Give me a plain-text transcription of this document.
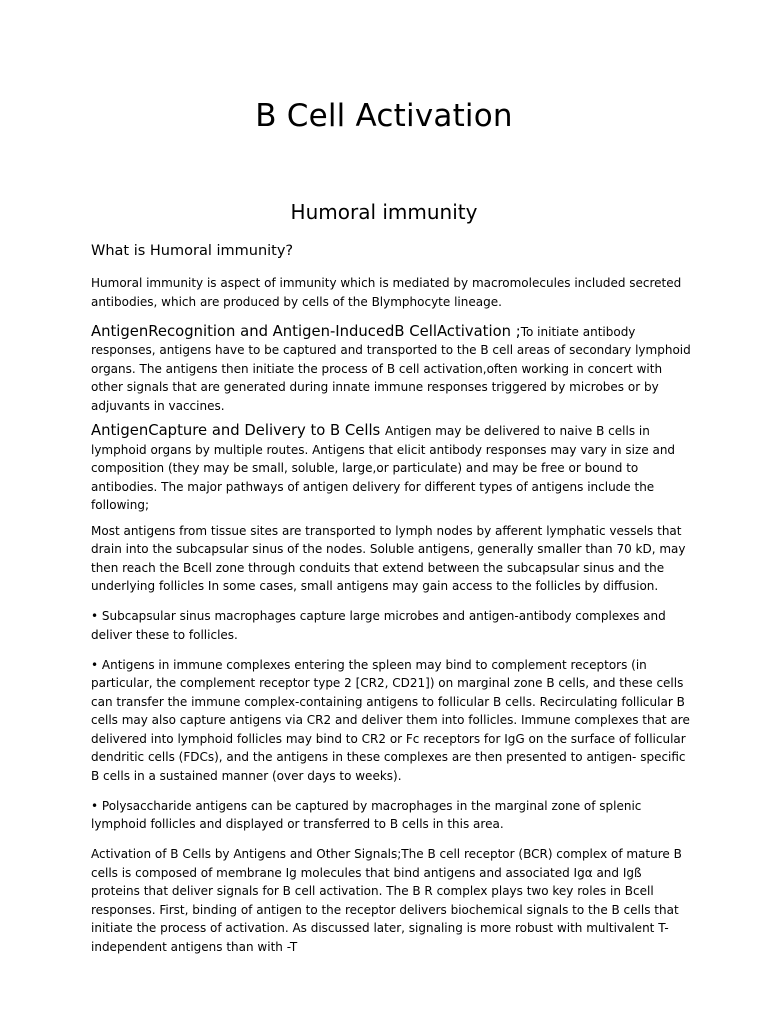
B Cell Activation
Humoral immunity
What is Humoral immunity?

Humoral immunity is aspect of immunity which is mediated by macromolecules included secreted antibodies, which are produced by cells of the Blymphocyte lineage.

AntigenRecognition and Antigen-InducedB CellActivation ;To initiate antibody responses, antigens have to be captured and transported to the B cell areas of secondary lymphoid organs. The antigens then initiate the process of B cell activation,often working in concert with other signals that are generated during innate immune responses triggered by microbes or by adjuvants in vaccines.

AntigenCapture and Delivery to B Cells Antigen may be delivered to naive B cells in lymphoid organs by multiple routes. Antigens that elicit antibody responses may vary in size and composition (they may be small, soluble, large,or particulate) and may be free or bound to antibodies. The major pathways of antigen delivery for different types of antigens include the following;

Most antigens from tissue sites are transported to lymph nodes by afferent lymphatic vessels that drain into the subcapsular sinus of the nodes. Soluble antigens, generally smaller than 70 kD, may then reach the Bcell zone through conduits that extend between the subcapsular sinus and the underlying follicles In some cases, small antigens may gain access to the follicles by diffusion.

• Subcapsular sinus macrophages capture large microbes and antigen-antibody complexes and deliver these to follicles.

• Antigens in immune complexes entering the spleen may bind to complement receptors (in particular, the complement receptor type 2 [CR2, CD21]) on marginal zone B cells, and these cells can transfer the immune complex-containing antigens to follicular B cells. Recirculating follicular B cells may also capture antigens via CR2 and deliver them into follicles. Immune complexes that are delivered into lymphoid follicles may bind to CR2 or Fc receptors for IgG on the surface of follicular dendritic cells (FDCs), and the antigens in these complexes are then presented to antigen- specific B cells in a sustained manner (over days to weeks).

• Polysaccharide antigens can be captured by macrophages in the marginal zone of splenic lymphoid follicles and displayed or transferred to B cells in this area.

Activation of B Cells by Antigens and Other Signals;The B cell receptor (BCR) complex of mature B cells is composed of membrane Ig molecules that bind antigens and associated Igα and Igß proteins that deliver signals for B cell activation. The B R complex plays two key roles in Bcell responses. First, binding of antigen to the receptor delivers biochemical signals to the B cells that initiate the process of activation. As discussed later, signaling is more robust with multivalent T-independent antigens than with -T
